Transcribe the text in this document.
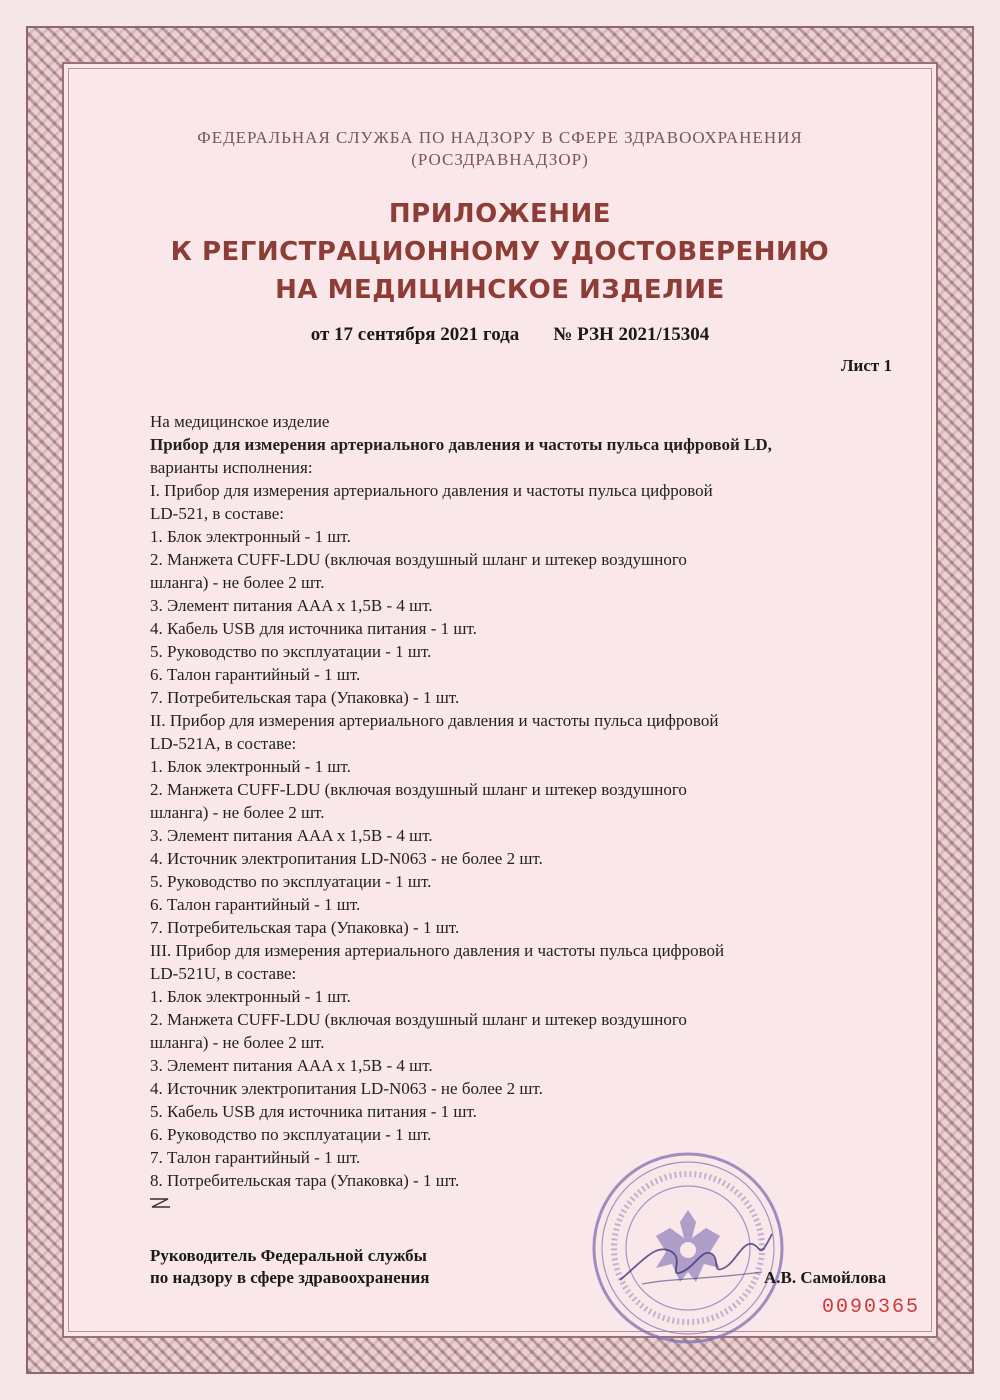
ФЕДЕРАЛЬНАЯ СЛУЖБА ПО НАДЗОРУ В СФЕРЕ ЗДРАВООХРАНЕНИЯ
(РОСЗДРАВНАДЗОР)
ПРИЛОЖЕНИЕ
К РЕГИСТРАЦИОННОМУ УДОСТОВЕРЕНИЮ
НА МЕДИЦИНСКОЕ ИЗДЕЛИЕ
от 17 сентября 2021 года № РЗН 2021/15304
Лист 1
На медицинское изделие
Прибор для измерения артериального давления и частоты пульса цифровой LD,
варианты исполнения:
I. Прибор для измерения артериального давления и частоты пульса цифровой
LD-521, в составе:
1. Блок электронный - 1 шт.
2. Манжета CUFF-LDU (включая воздушный шланг и штекер воздушного
шланга) - не более 2 шт.
3. Элемент питания AAA x 1,5В - 4 шт.
4. Кабель USB для источника питания - 1 шт.
5. Руководство по эксплуатации - 1 шт.
6. Талон гарантийный - 1 шт.
7. Потребительская тара (Упаковка) - 1 шт.
II. Прибор для измерения артериального давления и частоты пульса цифровой
LD-521A, в составе:
1. Блок электронный - 1 шт.
2. Манжета CUFF-LDU (включая воздушный шланг и штекер воздушного
шланга) - не более 2 шт.
3. Элемент питания AAA x 1,5В - 4 шт.
4. Источник электропитания LD-N063 - не более 2 шт.
5. Руководство по эксплуатации - 1 шт.
6. Талон гарантийный - 1 шт.
7. Потребительская тара (Упаковка) - 1 шт.
III. Прибор для измерения артериального давления и частоты пульса цифровой
LD-521U, в составе:
1. Блок электронный - 1 шт.
2. Манжета CUFF-LDU (включая воздушный шланг и штекер воздушного
шланга) - не более 2 шт.
3. Элемент питания AAA x 1,5В - 4 шт.
4. Источник электропитания LD-N063 - не более 2 шт.
5. Кабель USB для источника питания - 1 шт.
6. Руководство по эксплуатации - 1 шт.
7. Талон гарантийный - 1 шт.
8. Потребительская тара (Упаковка) - 1 шт.
Руководитель Федеральной службы
по надзору в сфере здравоохранения	А.В. Самойлова
0090365
